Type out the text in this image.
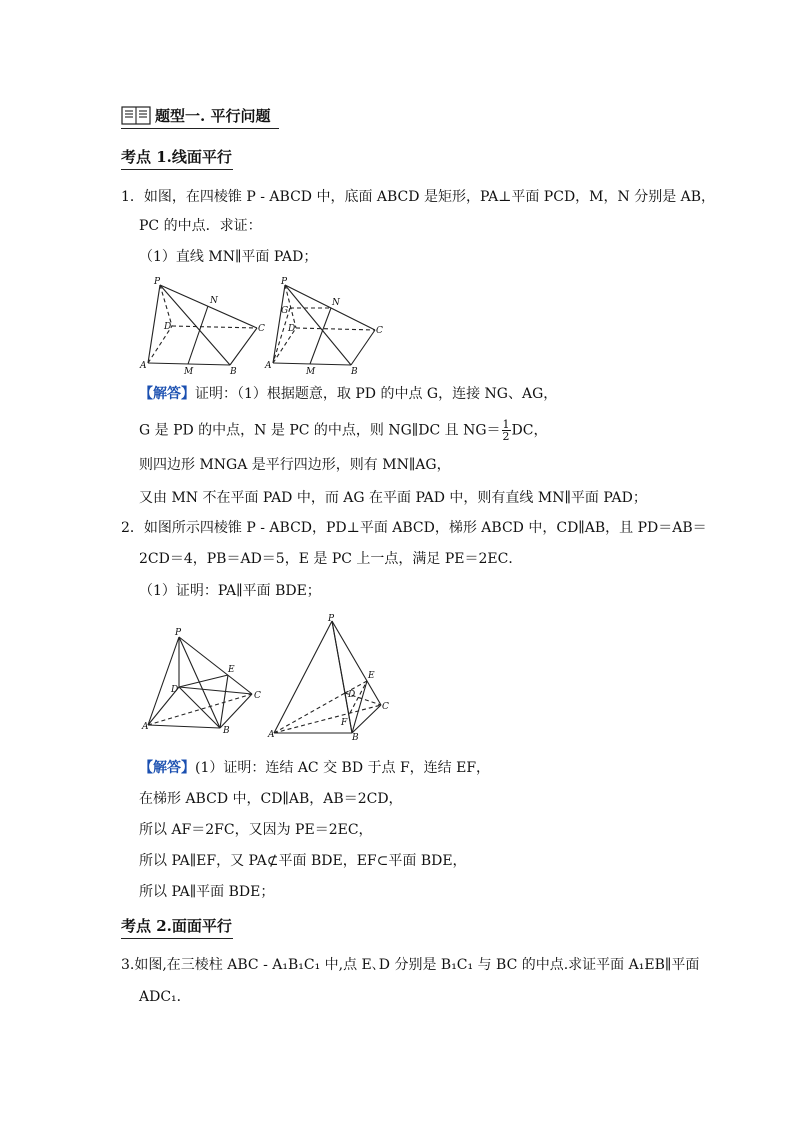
题型一. 平行问题
考点 1.线面平行
1．如图，在四棱锥 P - ABCD 中，底面 ABCD 是矩形，PA⊥平面 PCD，M，N 分别是 AB，
PC 的中点．求证：
（1）直线 MN∥平面 PAD；
P
N
D	C
A
M	B
P
N
G
D	C
A
M	B
【解答】证明：（1）根据题意，取 PD 的中点 G，连接 NG、AG，
G 是 PD 的中点，N 是 PC 的中点，则 NG∥DC 且 $NG= \frac{1}{2}$ DC，
则四边形 MNGA 是平行四边形，则有 MN∥AG，
又由 MN 不在平面 PAD 中，而 AG 在平面 PAD 中，则有直线 MN∥平面 PAD；
2．如图所示四棱锥 P - ABCD，PD⊥平面 ABCD，梯形 ABCD 中，CD∥AB，且 PD＝AB＝
2CD＝4，PB＝AD＝5，E 是 PC 上一点，满足 PE＝2EC．
（1）证明：PA∥平面 BDE；
P
E
D
C
A	B
P
E
D
C
F
A	B
【解答】(1）证明：连结 AC 交 BD 于点 F，连结 EF，
在梯形 ABCD 中，CD∥AB，AB＝2CD，
所以 AF＝2FC，又因为 PE＝2EC，
所以 PA∥EF，又 PA⊄平面 BDE，EF⊂平面 BDE，
所以 PA∥平面 BDE；
考点 2.面面平行
3.如图,在三棱柱 ABC - A₁B₁C₁ 中,点 E､D 分别是 B₁C₁ 与 BC 的中点.求证平面 A₁EB∥平面
ADC₁．
